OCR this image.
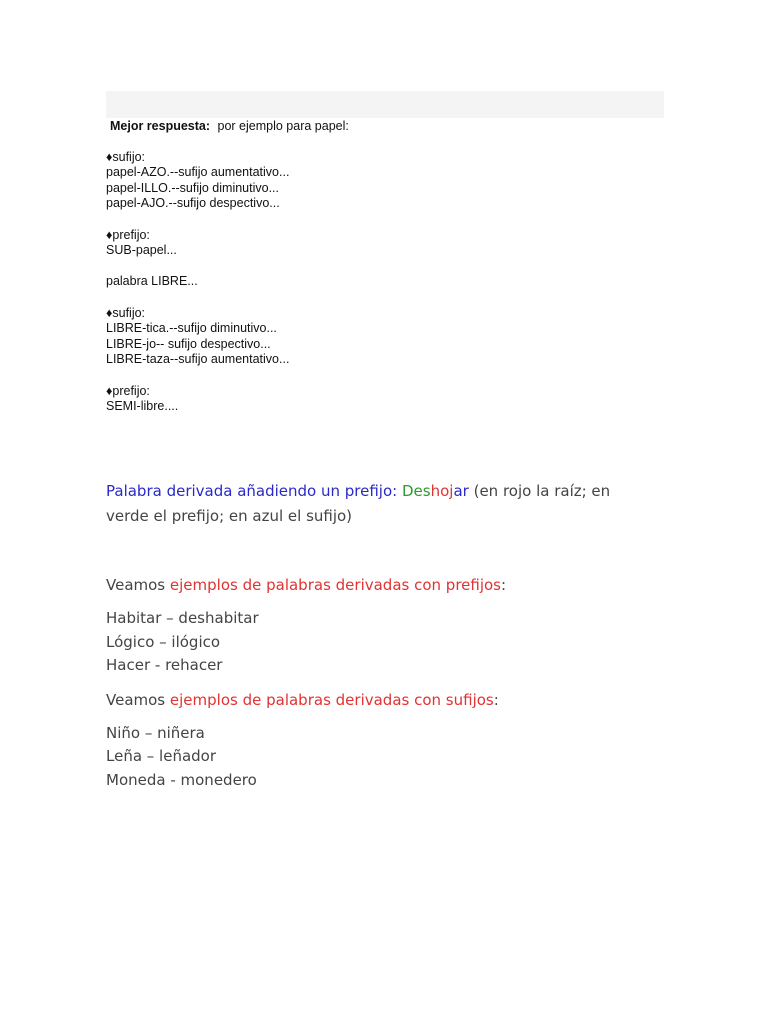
Mejor respuesta: por ejemplo para papel:
♦sufijo:
papel-AZO.--sufijo aumentativo...
papel-ILLO.--sufijo diminutivo...
papel-AJO.--sufijo despectivo...
♦prefijo:
SUB-papel...
palabra LIBRE...
♦sufijo:
LIBRE-tica.--sufijo diminutivo...
LIBRE-jo-- sufijo despectivo...
LIBRE-taza--sufijo aumentativo...
♦prefijo:
SEMI-libre....

Palabra derivada añadiendo un prefijo: Deshojar (en rojo la raíz; en
verde el prefijo; en azul el sufijo)

Veamos ejemplos de palabras derivadas con prefijos:

Habitar – deshabitar
Lógico – ilógico
Hacer - rehacer

Veamos ejemplos de palabras derivadas con sufijos:

Niño – niñera
Leña – leñador
Moneda - monedero
